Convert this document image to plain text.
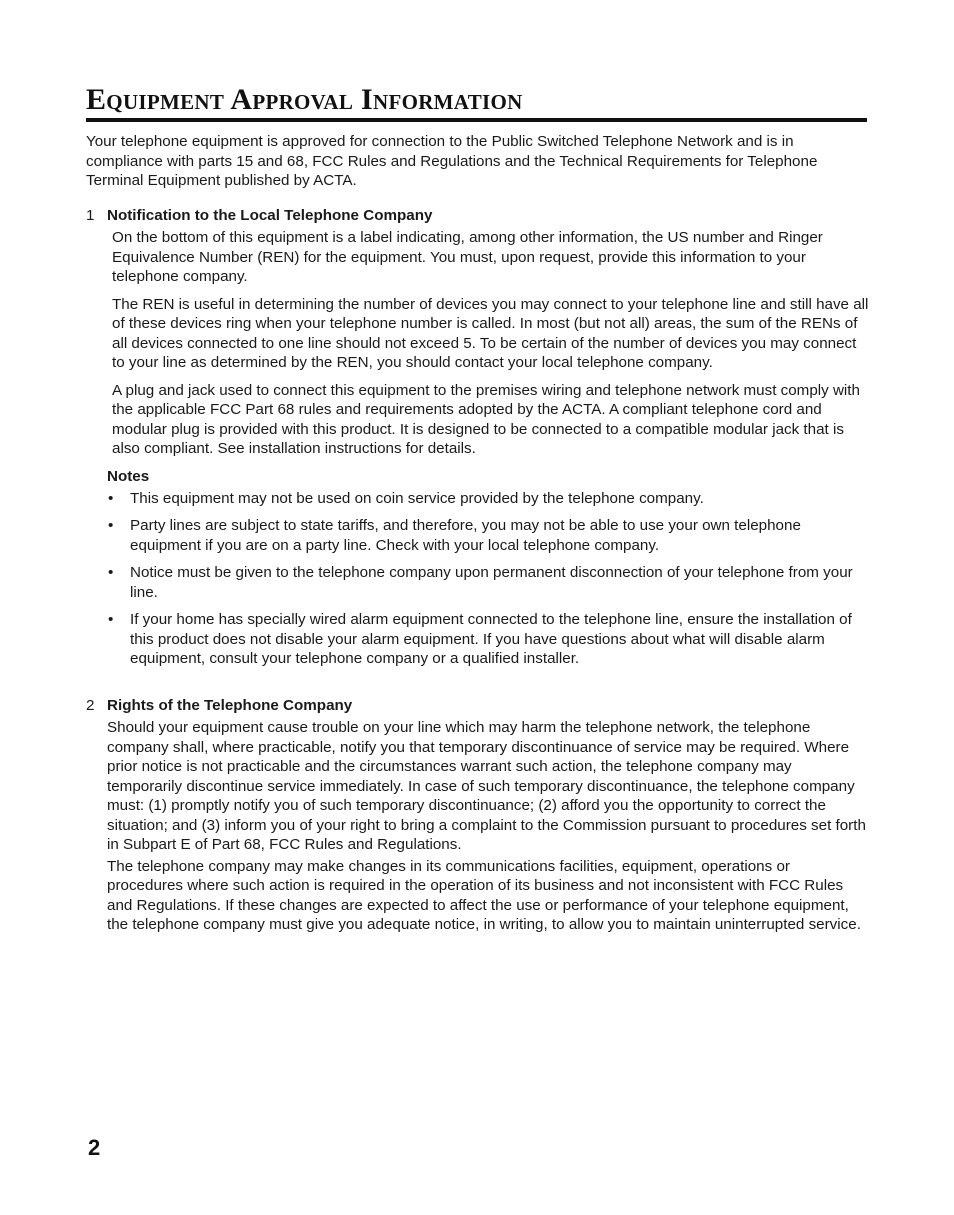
Equipment Approval Information

Your telephone equipment is approved for connection to the Public Switched Telephone Network and is in compliance with parts 15 and 68, FCC Rules and Regulations and the Technical Requirements for Telephone Terminal Equipment published by ACTA.

1 Notification to the Local Telephone Company

On the bottom of this equipment is a label indicating, among other information, the US number and Ringer Equivalence Number (REN) for the equipment. You must, upon request, provide this information to your telephone company.

The REN is useful in determining the number of devices you may connect to your telephone line and still have all of these devices ring when your telephone number is called. In most (but not all) areas, the sum of the RENs of all devices connected to one line should not exceed 5. To be certain of the number of devices you may connect to your line as determined by the REN, you should contact your local telephone company.

A plug and jack used to connect this equipment to the premises wiring and telephone network must comply with the applicable FCC Part 68 rules and requirements adopted by the ACTA. A compliant telephone cord and modular plug is provided with this product. It is designed to be connected to a compatible modular jack that is also compliant. See installation instructions for details.

Notes
• This equipment may not be used on coin service provided by the telephone company.
• Party lines are subject to state tariffs, and therefore, you may not be able to use your own telephone equipment if you are on a party line. Check with your local telephone company.
• Notice must be given to the telephone company upon permanent disconnection of your telephone from your line.
• If your home has specially wired alarm equipment connected to the telephone line, ensure the installation of this product does not disable your alarm equipment. If you have questions about what will disable alarm equipment, consult your telephone company or a qualified installer.
2 Rights of the Telephone Company

Should your equipment cause trouble on your line which may harm the telephone network, the telephone company shall, where practicable, notify you that temporary discontinuance of service may be required. Where prior notice is not practicable and the circumstances warrant such action, the telephone company may temporarily discontinue service immediately. In case of such temporary discontinuance, the telephone company must: (1) promptly notify you of such temporary discontinuance; (2) afford you the opportunity to correct the situation; and (3) inform you of your right to bring a complaint to the Commission pursuant to procedures set forth in Subpart E of Part 68, FCC Rules and Regulations.

The telephone company may make changes in its communications facilities, equipment, operations or procedures where such action is required in the operation of its business and not inconsistent with FCC Rules and Regulations. If these changes are expected to affect the use or performance of your telephone equipment, the telephone company must give you adequate notice, in writing, to allow you to maintain uninterrupted service.

2
